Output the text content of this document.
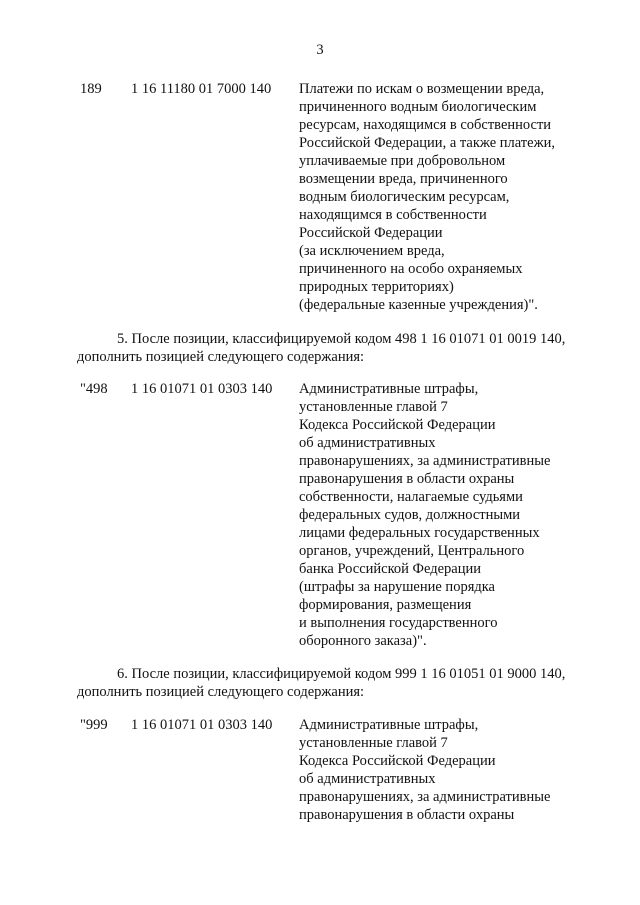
3
189 1 16 11180 01 7000 140 Платежи по искам о возмещении вреда,
причиненного водным биологическим
ресурсам, находящимся в собственности
Российской Федерации, а также платежи,
уплачиваемые при добровольном
возмещении вреда, причиненного
водным биологическим ресурсам,
находящимся в собственности
Российской Федерации
(за исключением вреда,
причиненного на особо охраняемых
природных территориях)
(федеральные казенные учреждения)".
5. После позиции, классифицируемой кодом 498 1 16 01071 01 0019 140,
дополнить позицией следующего содержания:
"498 1 16 01071 01 0303 140 Административные штрафы,
установленные главой 7
Кодекса Российской Федерации
об административных
правонарушениях, за административные
правонарушения в области охраны
собственности, налагаемые судьями
федеральных судов, должностными
лицами федеральных государственных
органов, учреждений, Центрального
банка Российской Федерации
(штрафы за нарушение порядка
формирования, размещения
и выполнения государственного
оборонного заказа)".
6. После позиции, классифицируемой кодом 999 1 16 01051 01 9000 140,
дополнить позицией следующего содержания:
"999 1 16 01071 01 0303 140 Административные штрафы,
установленные главой 7
Кодекса Российской Федерации
об административных
правонарушениях, за административные
правонарушения в области охраны
